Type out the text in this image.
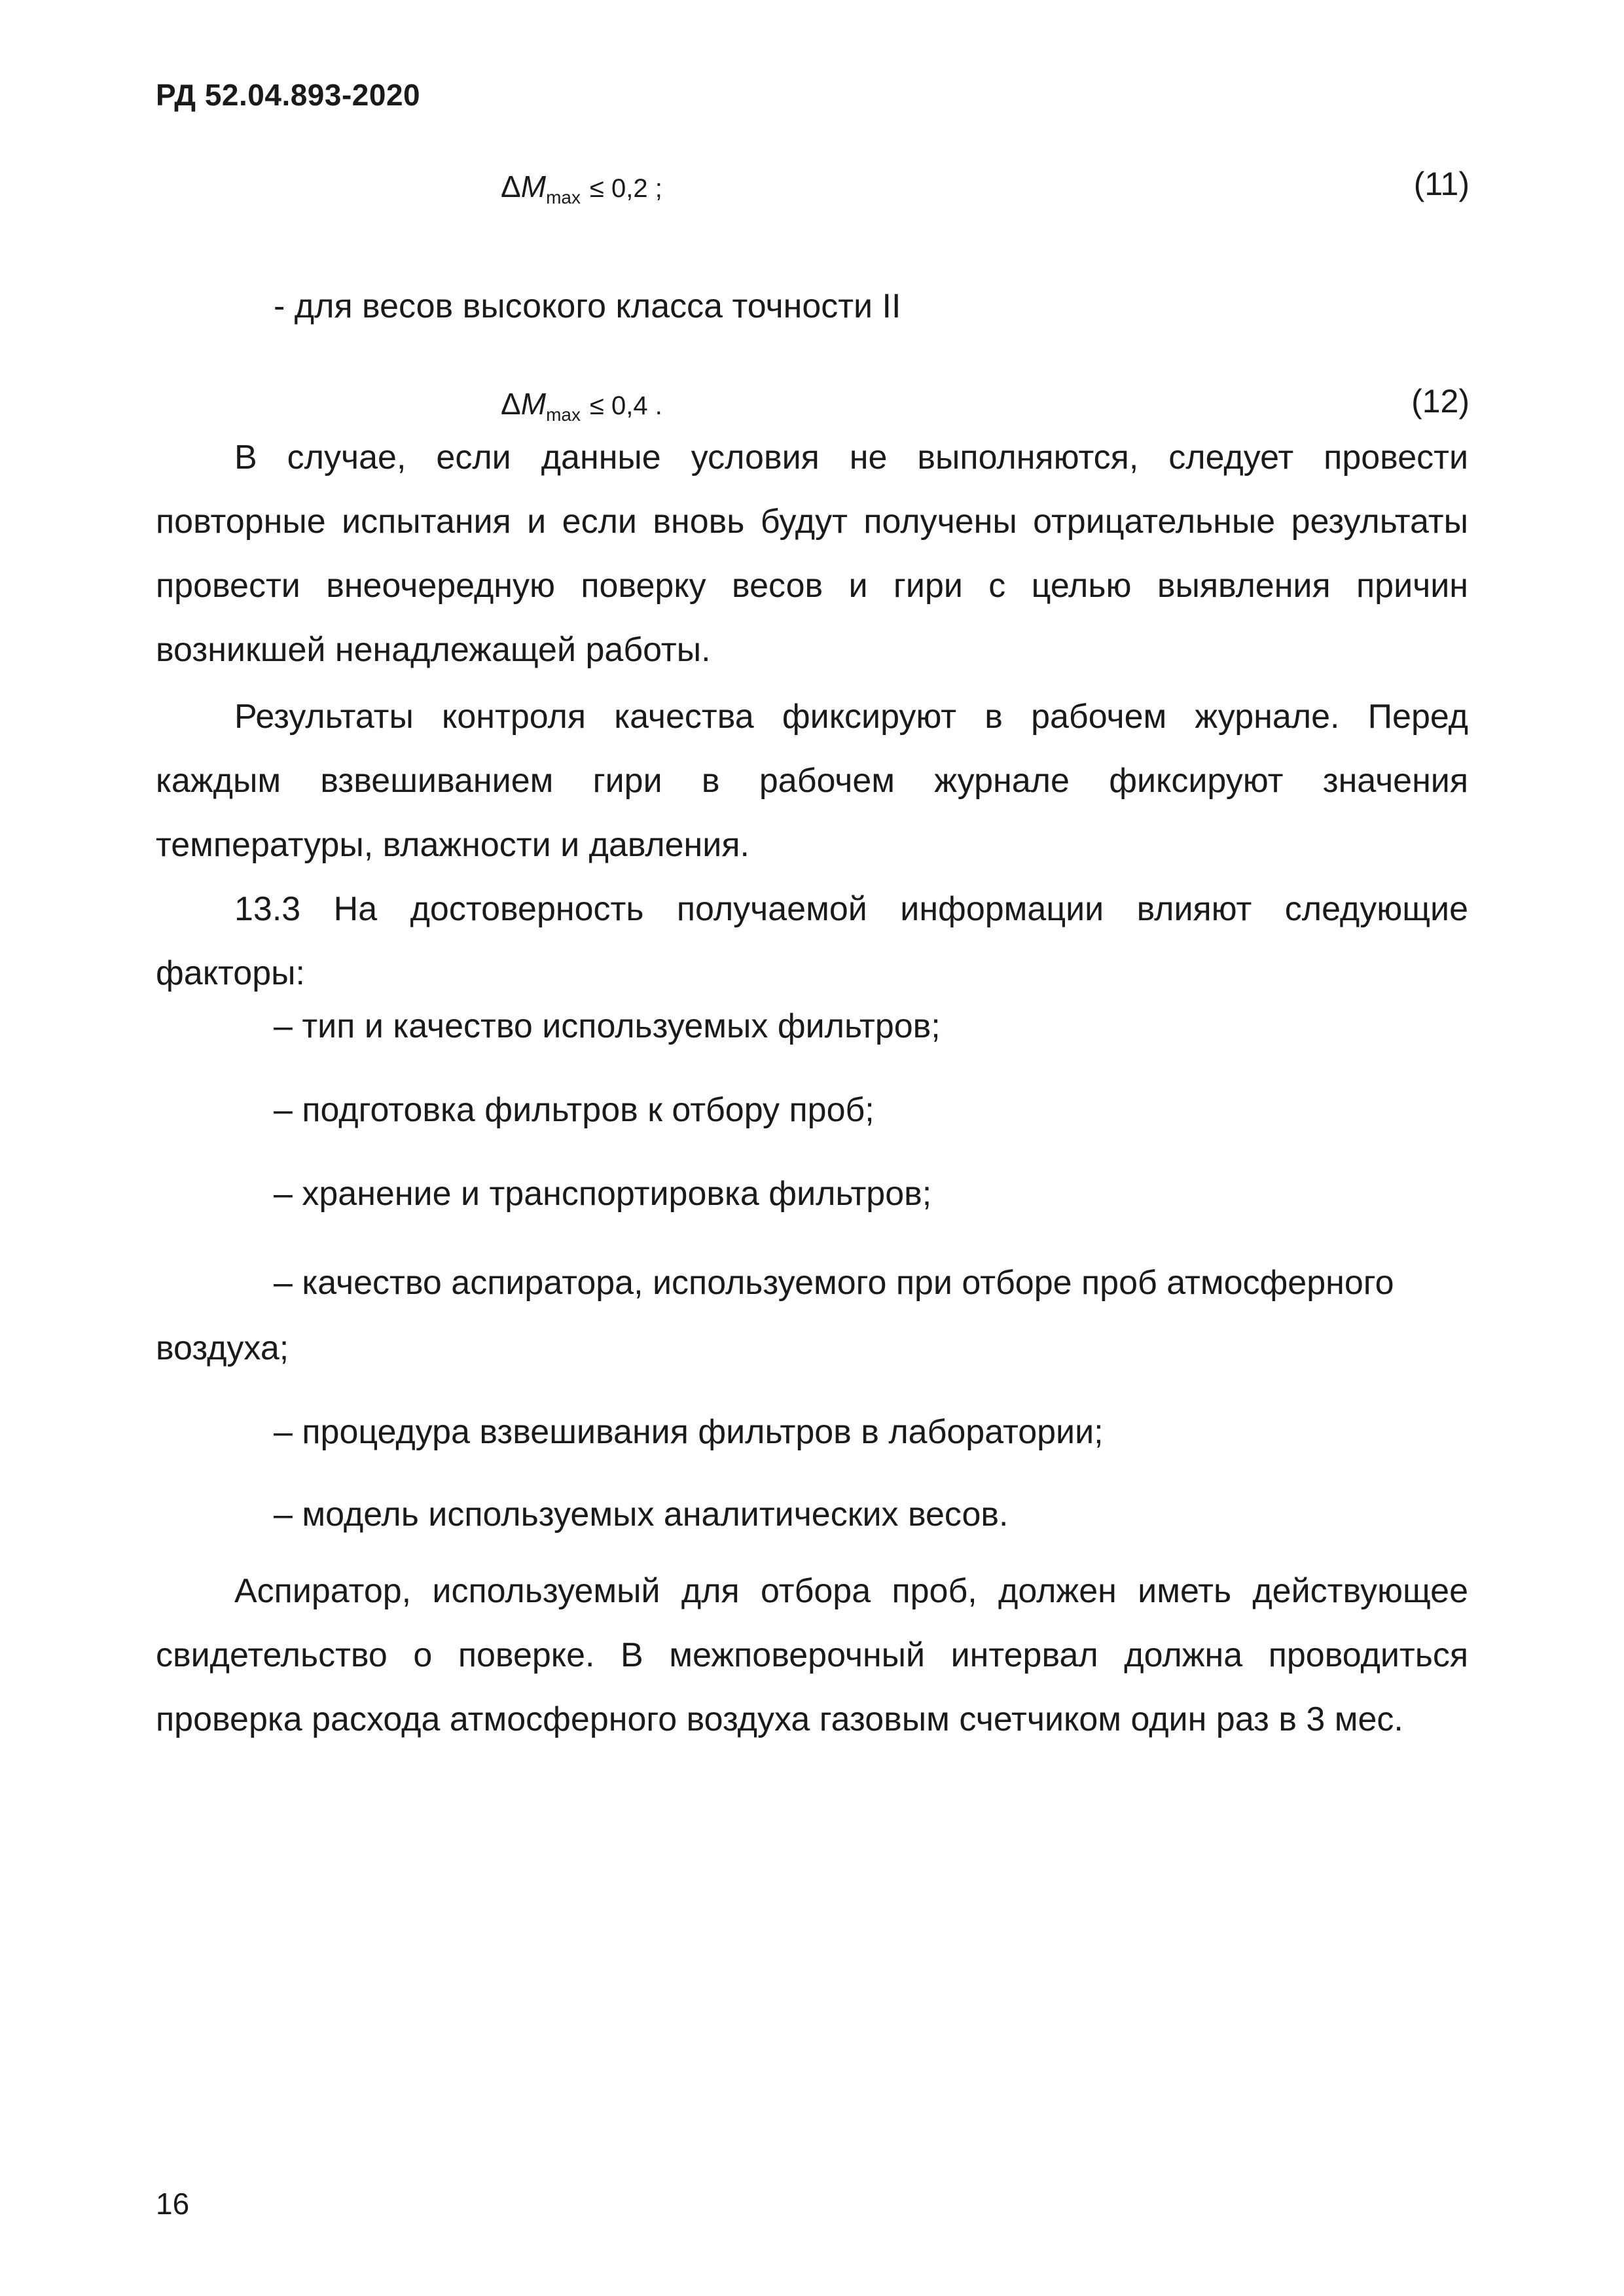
РД 52.04.893-2020
$\Delta M_{max} \le 0,2$ ;	(11)
- для весов высокого класса точности II
$\Delta M_{max} \le 0,4$ .	(12)
В случае, если данные условия не выполняются, следует провести повторные испытания и если вновь будут получены отрицательные результаты провести внеочередную поверку весов и гири с целью выявления причин возникшей ненадлежащей работы.
Результаты контроля качества фиксируют в рабочем журнале. Перед каждым взвешиванием гири в рабочем журнале фиксируют значения температуры, влажности и давления.
13.3 На достоверность получаемой информации влияют следующие факторы:
– тип и качество используемых фильтров;
– подготовка фильтров к отбору проб;
– хранение и транспортировка фильтров;
– качество аспиратора, используемого при отборе проб атмосферного воздуха;
– процедура взвешивания фильтров в лаборатории;
– модель используемых аналитических весов.
Аспиратор, используемый для отбора проб, должен иметь действующее свидетельство о поверке. В межповерочный интервал должна проводиться проверка расхода атмосферного воздуха газовым счетчиком один раз в 3 мес.
16
